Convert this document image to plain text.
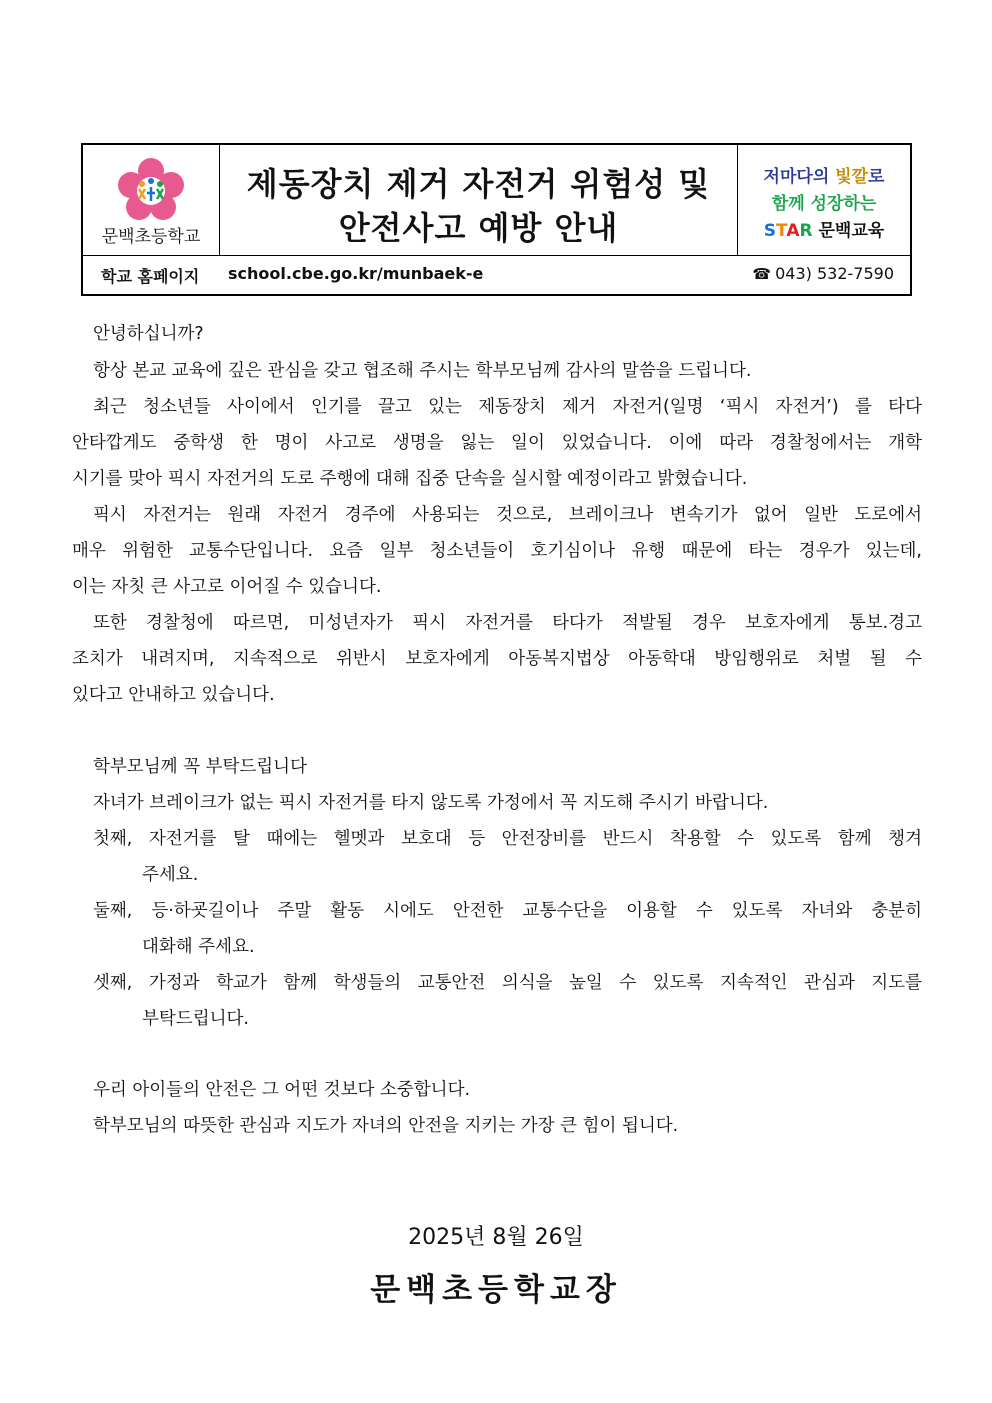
문백초등학교
제동장치 제거 자전거 위험성 및
안전사고 예방 안내
저마다의 빛깔로
함께 성장하는
STAR 문백교육
학교 홈페이지 school.cbe.go.kr/munbaek-e	☎ 043) 532-7590
안녕하십니까?
항상 본교 교육에 깊은 관심을 갖고 협조해 주시는 학부모님께 감사의 말씀을 드립니다.
최근 청소년들 사이에서 인기를 끌고 있는 제동장치 제거 자전거(일명 ‘픽시 자전거’) 를 타다
안타깝게도 중학생 한 명이 사고로 생명을 잃는 일이 있었습니다. 이에 따라 경찰청에서는 개학
시기를 맞아 픽시 자전거의 도로 주행에 대해 집중 단속을 실시할 예정이라고 밝혔습니다.
픽시 자전거는 원래 자전거 경주에 사용되는 것으로, 브레이크나 변속기가 없어 일반 도로에서
매우 위험한 교통수단입니다. 요즘 일부 청소년들이 호기심이나 유행 때문에 타는 경우가 있는데,
이는 자칫 큰 사고로 이어질 수 있습니다.
또한 경찰청에 따르면, 미성년자가 픽시 자전거를 타다가 적발될 경우 보호자에게 통보.경고
조치가 내려지며, 지속적으로 위반시 보호자에게 아동복지법상 아동학대 방임행위로 처벌 될 수
있다고 안내하고 있습니다.
학부모님께 꼭 부탁드립니다
자녀가 브레이크가 없는 픽시 자전거를 타지 않도록 가정에서 꼭 지도해 주시기 바랍니다.
첫째, 자전거를 탈 때에는 헬멧과 보호대 등 안전장비를 반드시 착용할 수 있도록 함께 챙겨
주세요.
둘째, 등·하굣길이나 주말 활동 시에도 안전한 교통수단을 이용할 수 있도록 자녀와 충분히
대화해 주세요.
셋째, 가정과 학교가 함께 학생들의 교통안전 의식을 높일 수 있도록 지속적인 관심과 지도를
부탁드립니다.
우리 아이들의 안전은 그 어떤 것보다 소중합니다.
학부모님의 따뜻한 관심과 지도가 자녀의 안전을 지키는 가장 큰 힘이 됩니다.
2025년 8월 26일
문백초등학교장
